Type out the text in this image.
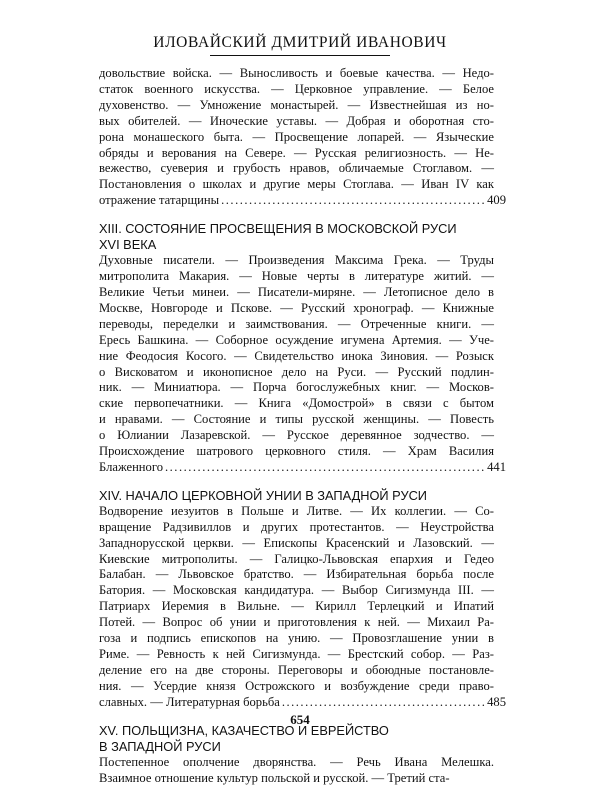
ИЛОВАЙСКИЙ ДМИТРИЙ ИВАНОВИЧ
довольствие войска. — Выносливость и боевые качества. — Недо-
статок военного искусства. — Церковное управление. — Белое
духовенство. — Умножение монастырей. — Известнейшая из но-
вых обителей. — Иноческие уставы. — Добрая и оборотная сто-
рона монашеского быта. — Просвещение лопарей. — Языческие
обряды и верования на Севере. — Русская религиозность. — Не-
вежество, суеверия и грубость нравов, обличаемые Стоглавом. —
Постановления о школах и другие меры Стоглава. — Иван IV как
отражение татарщины .....	409
XIII. СОСТОЯНИЕ ПРОСВЕЩЕНИЯ В МОСКОВСКОЙ РУСИ
XVI ВЕКА
Духовные писатели. — Произведения Максима Грека. — Труды
митрополита Макария. — Новые черты в литературе житий. —
Великие Четьи минеи. — Писатели-миряне. — Летописное дело в
Москве, Новгороде и Пскове. — Русский хронограф. — Книжные
переводы, переделки и заимствования. — Отреченные книги. —
Ересь Башкина. — Соборное осуждение игумена Артемия. — Уче-
ние Феодосия Косого. — Свидетельство инока Зиновия. — Розыск
о Висковатом и иконописное дело на Руси. — Русский подлин-
ник. — Миниатюра. — Порча богослужебных книг. — Москов-
ские первопечатники. — Книга «Домострой» в связи с бытом
и нравами. — Состояние и типы русской женщины. — Повесть
о Юлиании Лазаревской. — Русское деревянное зодчество. —
Происхождение шатрового церковного стиля. — Храм Василия
Блаженного .....	441
XIV. НАЧАЛО ЦЕРКОВНОЙ УНИИ В ЗАПАДНОЙ РУСИ
Водворение иезуитов в Польше и Литве. — Их коллегии. — Со-
вращение Радзивиллов и других протестантов. — Неустройства
Западнорусской церкви. — Епископы Красенский и Лазовский. —
Киевские митрополиты. — Галицко-Львовская епархия и Гедео
Балабан. — Львовское братство. — Избирательная борьба после
Батория. — Московская кандидатура. — Выбор Сигизмунда III. —
Патриарх Иеремия в Вильне. — Кирилл Терлецкий и Ипатий
Потей. — Вопрос об унии и приготовления к ней. — Михаил Ра-
гоза и подпись епископов на унию. — Провозглашение унии в
Риме. — Ревность к ней Сигизмунда. — Брестский собор. — Раз-
деление его на две стороны. Переговоры и обоюдные постановле-
ния. — Усердие князя Острожского и возбуждение среди право-
славных. — Литературная борьба .....	485
XV. ПОЛЬЩИЗНА, КАЗАЧЕСТВО И ЕВРЕЙСТВО
В ЗАПАДНОЙ РУСИ
Постепенное ополчение дворянства. — Речь Ивана Мелешка.
Взаимное отношение культур польской и русской. — Третий ста-
654
